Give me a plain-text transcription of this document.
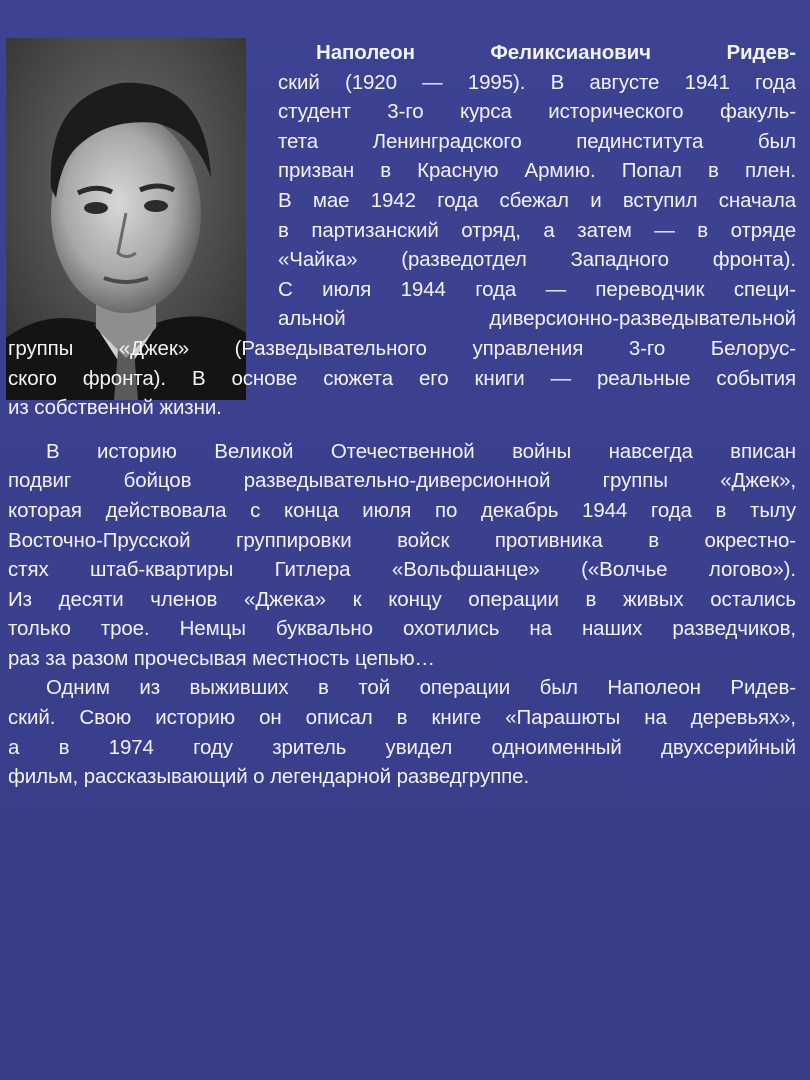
Наполеон Феликсианович Ридев-
ский (1920 — 1995). В августе 1941 года
студент 3-го курса исторического факуль-
тета Ленинградского пединститута был
призван в Красную Армию. Попал в плен.
В мае 1942 года сбежал и вступил сначала
в партизанский отряд, а затем — в отряде
«Чайка» (разведотдел Западного фронта).
С июля 1944 года — переводчик специ-
альной диверсионно-разведывательной
группы «Джек» (Разведывательного управления 3-го Белорус-
ского фронта). В основе сюжета его книги — реальные события
из собственной жизни.
В историю Великой Отечественной войны навсегда вписан
подвиг бойцов разведывательно-диверсионной группы «Джек»,
которая действовала с конца июля по декабрь 1944 года в тылу
Восточно-Прусской группировки войск противника в окрестно-
стях штаб-квартиры Гитлера «Вольфшанце» («Волчье логово»).
Из десяти членов «Джека» к концу операции в живых остались
только трое. Немцы буквально охотились на наших разведчиков,
раз за разом прочесывая местность цепью…
Одним из выживших в той операции был Наполеон Ридев-
ский. Свою историю он описал в книге «Парашюты на деревьях»,
а в 1974 году зритель увидел одноименный двухсерийный
фильм, рассказывающий о легендарной разведгруппе.
